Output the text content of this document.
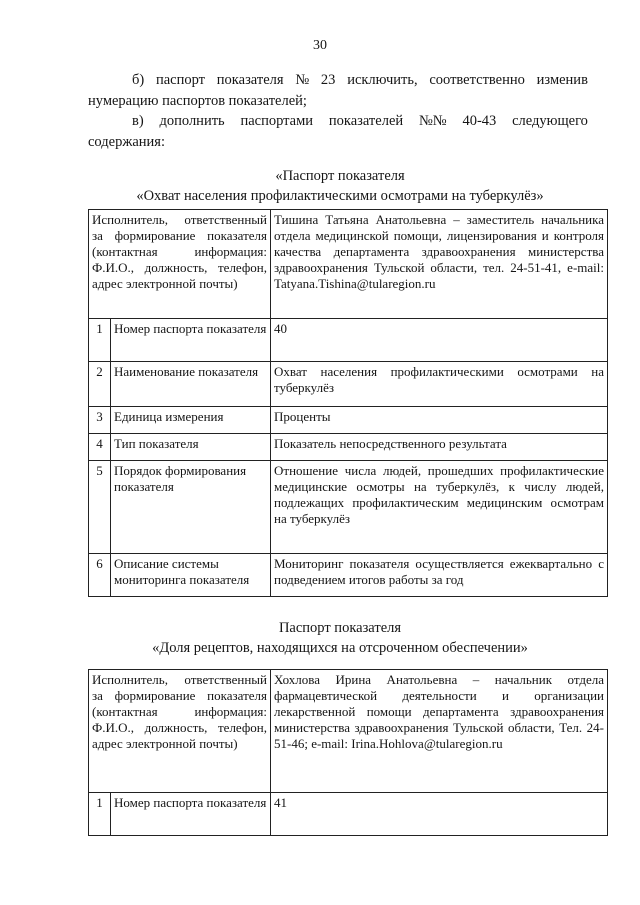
30
б) паспорт показателя № 23 исключить, соответственно изменив
нумерацию паспортов показателей;
в) дополнить паспортами показателей №№ 40-43 следующего
содержания:
«Паспорт показателя
«Охват населения профилактическими осмотрами на туберкулёз»
Исполнитель, ответственный за формирование показателя (контактная информация: Ф.И.О., должность, телефон, адрес электронной почты)		Тишина Татьяна Анатольевна – заместитель начальника отдела медицинской помощи, лицензирования и контроля качества департамента здравоохранения министерства здравоохранения Тульской области, тел. 24-51-41, e-mail: Tatyana.Tishina@tularegion.ru
1	Номер паспорта показателя	40
2	Наименование показателя	Охват населения профилактическими осмотрами на туберкулёз
3	Единица измерения	Проценты
4	Тип показателя	Показатель непосредственного результата
5	Порядок формирования показателя	Отношение числа людей, прошедших профилактические медицинские осмотры на туберкулёз, к числу людей, подлежащих профилактическим медицинским осмотрам на туберкулёз
6	Описание системы мониторинга показателя	Мониторинг показателя осуществляется ежеквартально с подведением итогов работы за год
Паспорт показателя
«Доля рецептов, находящихся на отсроченном обеспечении»
Исполнитель, ответственный за формирование показателя (контактная информация: Ф.И.О., должность, телефон, адрес электронной почты)		Хохлова Ирина Анатольевна – начальник отдела фармацевтической деятельности и организации лекарственной помощи департамента здравоохранения министерства здравоохранения Тульской области, Тел. 24-51-46; e-mail: Irina.Hohlova@tularegion.ru
1	Номер паспорта показателя	41
